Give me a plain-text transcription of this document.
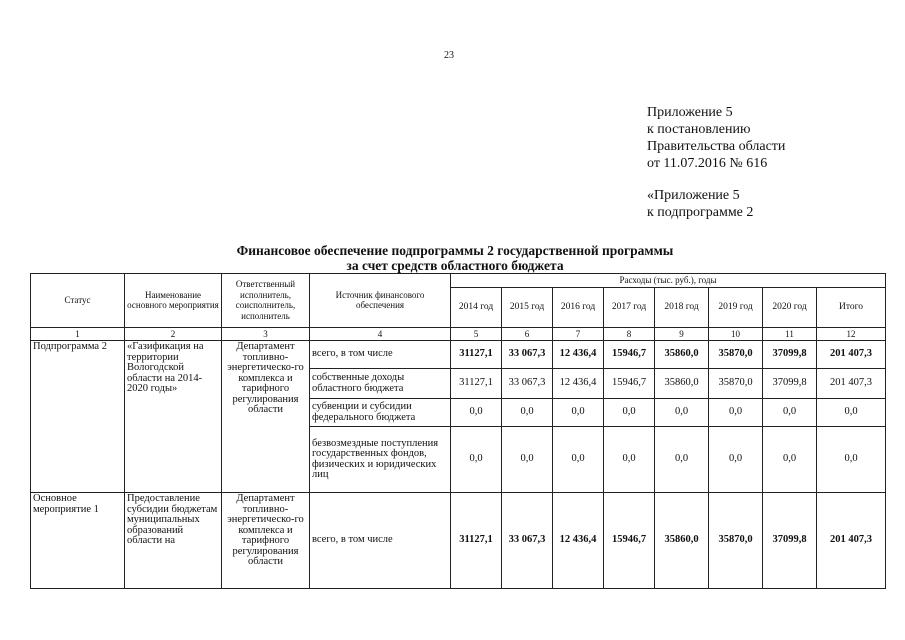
23
Приложение 5
к постановлению
Правительства области
от 11.07.2016 № 616
«Приложение 5
к подпрограмме 2
Финансовое обеспечение подпрограммы 2 государственной программы
за счет средств областного бюджета
Статус	Наименование основного мероприятия	Ответственный исполнитель, соисполнитель, исполнитель	Источник финансового обеспечения	Расходы (тыс. руб.), годы							
				2014 год	2015 год	2016 год	2017 год	2018 год	2019 год	2020 год	Итого
1	2	3	4	5	6	7	8	9	10	11	12
Подпрограмма 2	«Газификация на территории Вологодской области на 2014-2020 годы»	Департамент топливно-энергетическо-го комплекса и тарифного регулирования области	всего, в том числе	31127,1	33 067,3	12 436,4	15946,7	35860,0	35870,0	37099,8	201 407,3
			собственные доходы областного бюджета	31127,1	33 067,3	12 436,4	15946,7	35860,0	35870,0	37099,8	201 407,3
			субвенции и субсидии федерального бюджета	0,0	0,0	0,0	0,0	0,0	0,0	0,0	0,0
			безвозмездные поступления государственных фондов, физических и юридических лиц	0,0	0,0	0,0	0,0	0,0	0,0	0,0	0,0
Основное мероприятие 1	Предоставление субсидии бюджетам муниципальных образований области на	Департамент топливно-энергетическо-го комплекса и тарифного регулирования области	всего, в том числе	31127,1	33 067,3	12 436,4	15946,7	35860,0	35870,0	37099,8	201 407,3
